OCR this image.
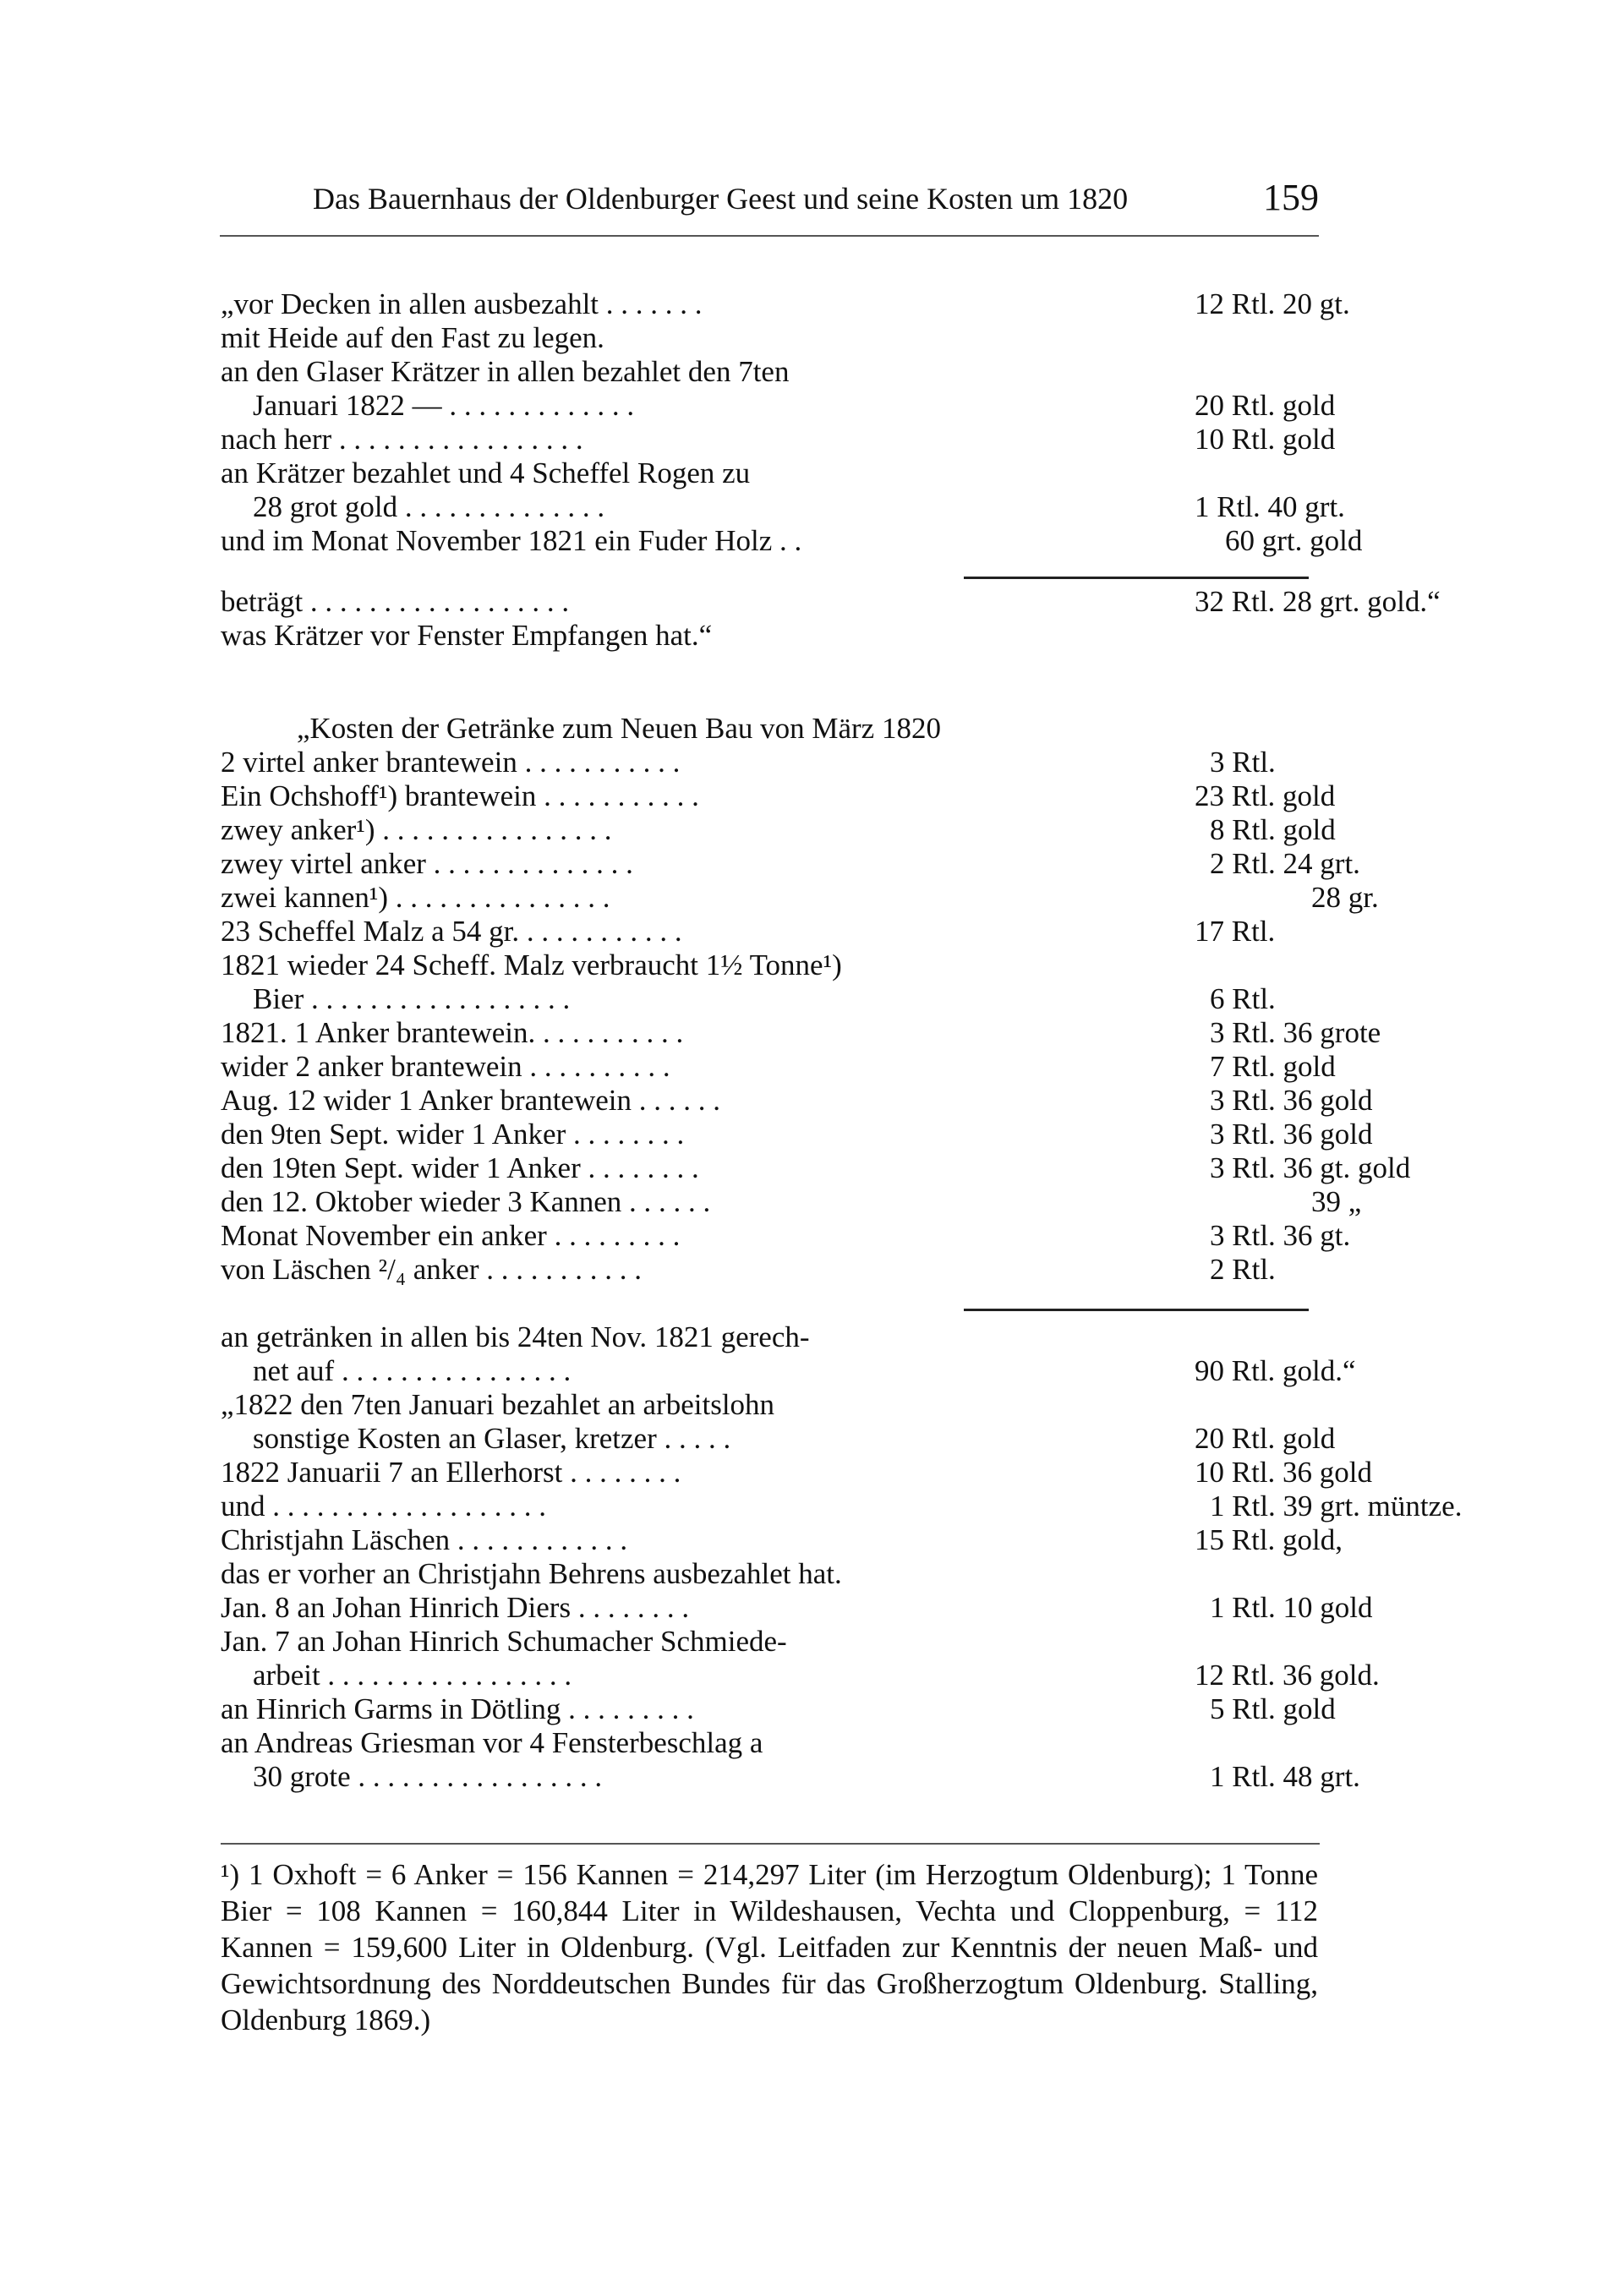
Das Bauernhaus der Oldenburger Geest und seine Kosten um 1820	159
„vor Decken in allen ausbezahlt . . . . . . .	12 Rtl. 20 gt.
mit Heide auf den Fast zu legen.
an den Glaser Krätzer in allen bezahlet den 7ten
Januari 1822 — . . . . . . . . . . . . .	20 Rtl. gold
nach herr . . . . . . . . . . . . . . . . .	10 Rtl. gold
an Krätzer bezahlet und 4 Scheffel Rogen zu
28 grot gold . . . . . . . . . . . . . .	1 Rtl. 40 grt.
und im Monat November 1821 ein Fuder Holz . .	60 grt. gold
beträgt . . . . . . . . . . . . . . . . . .	32 Rtl. 28 grt. gold.“
was Krätzer vor Fenster Empfangen hat.“
„Kosten der Getränke zum Neuen Bau von März 1820
2 virtel anker brantewein . . . . . . . . . . .	3 Rtl.
Ein Ochshoff¹) brantewein . . . . . . . . . . .	23 Rtl. gold
zwey anker¹) . . . . . . . . . . . . . . . .	8 Rtl. gold
zwey virtel anker . . . . . . . . . . . . . .	2 Rtl. 24 grt.
zwei kannen¹) . . . . . . . . . . . . . . .	28 gr.
23 Scheffel Malz a 54 gr. . . . . . . . . . . .	17 Rtl.
1821 wieder 24 Scheff. Malz verbraucht 1½ Tonne¹)
Bier . . . . . . . . . . . . . . . . . .	6 Rtl.
1821. 1 Anker brantewein. . . . . . . . . . .	3 Rtl. 36 grote
wider 2 anker brantewein . . . . . . . . . .	7 Rtl. gold
Aug. 12 wider 1 Anker brantewein . . . . . .	3 Rtl. 36 gold
den 9ten Sept. wider 1 Anker . . . . . . . .	3 Rtl. 36 gold
den 19ten Sept. wider 1 Anker . . . . . . . .	3 Rtl. 36 gt. gold
den 12. Oktober wieder 3 Kannen . . . . . .	39 „
Monat November ein anker . . . . . . . . .	3 Rtl. 36 gt.
von Läschen ²/₄ anker . . . . . . . . . . .	2 Rtl.
an getränken in allen bis 24ten Nov. 1821 gerech-
net auf . . . . . . . . . . . . . . . .	90 Rtl. gold.“
„1822 den 7ten Januari bezahlet an arbeitslohn
sonstige Kosten an Glaser, kretzer . . . . .	20 Rtl. gold
1822 Januarii 7 an Ellerhorst . . . . . . . .	10 Rtl. 36 gold
und . . . . . . . . . . . . . . . . . . .	1 Rtl. 39 grt. müntze.
Christjahn Läschen . . . . . . . . . . . .	15 Rtl. gold,
das er vorher an Christjahn Behrens ausbezahlet hat.
Jan. 8 an Johan Hinrich Diers . . . . . . . .	1 Rtl. 10 gold
Jan. 7 an Johan Hinrich Schumacher Schmiede-
arbeit . . . . . . . . . . . . . . . . .	12 Rtl. 36 gold.
an Hinrich Garms in Dötling . . . . . . . . .	5 Rtl. gold
an Andreas Griesman vor 4 Fensterbeschlag a
30 grote . . . . . . . . . . . . . . . . .	1 Rtl. 48 grt.
¹) 1 Oxhoft = 6 Anker = 156 Kannen = 214,297 Liter (im Herzogtum Oldenburg); 1 Tonne Bier = 108 Kannen = 160,844 Liter in Wildeshausen, Vechta und Cloppenburg, = 112 Kannen = 159,600 Liter in Oldenburg. (Vgl. Leitfaden zur Kenntnis der neuen Maß- und Gewichtsordnung des Norddeutschen Bundes für das Großherzogtum Oldenburg. Stalling, Oldenburg 1869.)
